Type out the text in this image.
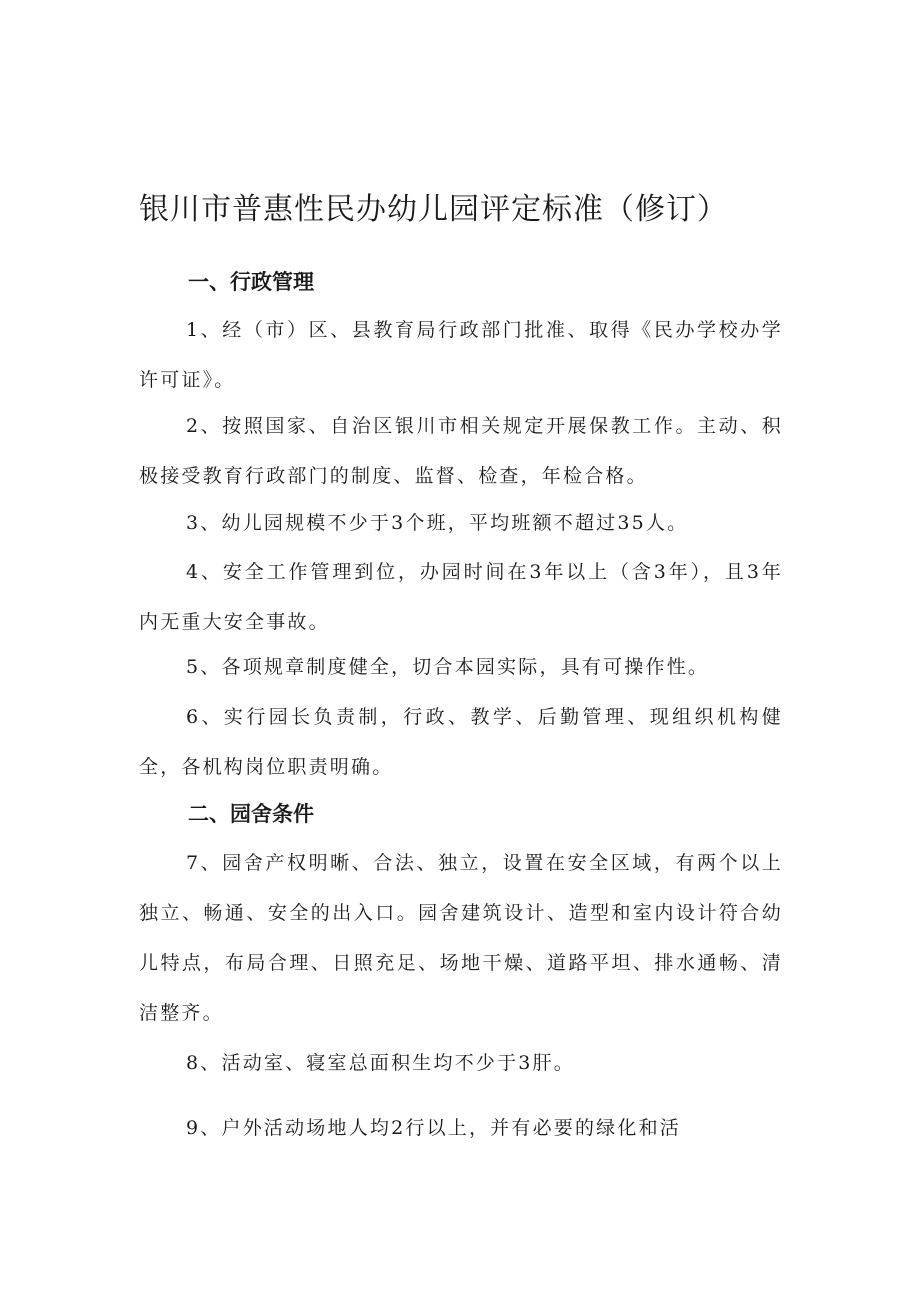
银川市普惠性民办幼儿园评定标准（修订）
一、行政管理

1、经（市）区、县教育局行政部门批准、取得《民办学校办学许可证》。

2、按照国家、自治区银川市相关规定开展保教工作。主动、积极接受教育行政部门的制度、监督、检查，年检合格。

3、幼儿园规模不少于3个班，平均班额不超过35人。

4、安全工作管理到位，办园时间在3年以上（含3年），且3年内无重大安全事故。

5、各项规章制度健全，切合本园实际，具有可操作性。

6、实行园长负责制，行政、教学、后勤管理、现组织机构健全，各机构岗位职责明确。

二、园舍条件

7、园舍产权明晰、合法、独立，设置在安全区域，有两个以上独立、畅通、安全的出入口。园舍建筑设计、造型和室内设计符合幼儿特点，布局合理、日照充足、场地干燥、道路平坦、排水通畅、清洁整齐。

8、活动室、寝室总面积生均不少于3肝。

9、户外活动场地人均2行以上，并有必要的绿化和活
